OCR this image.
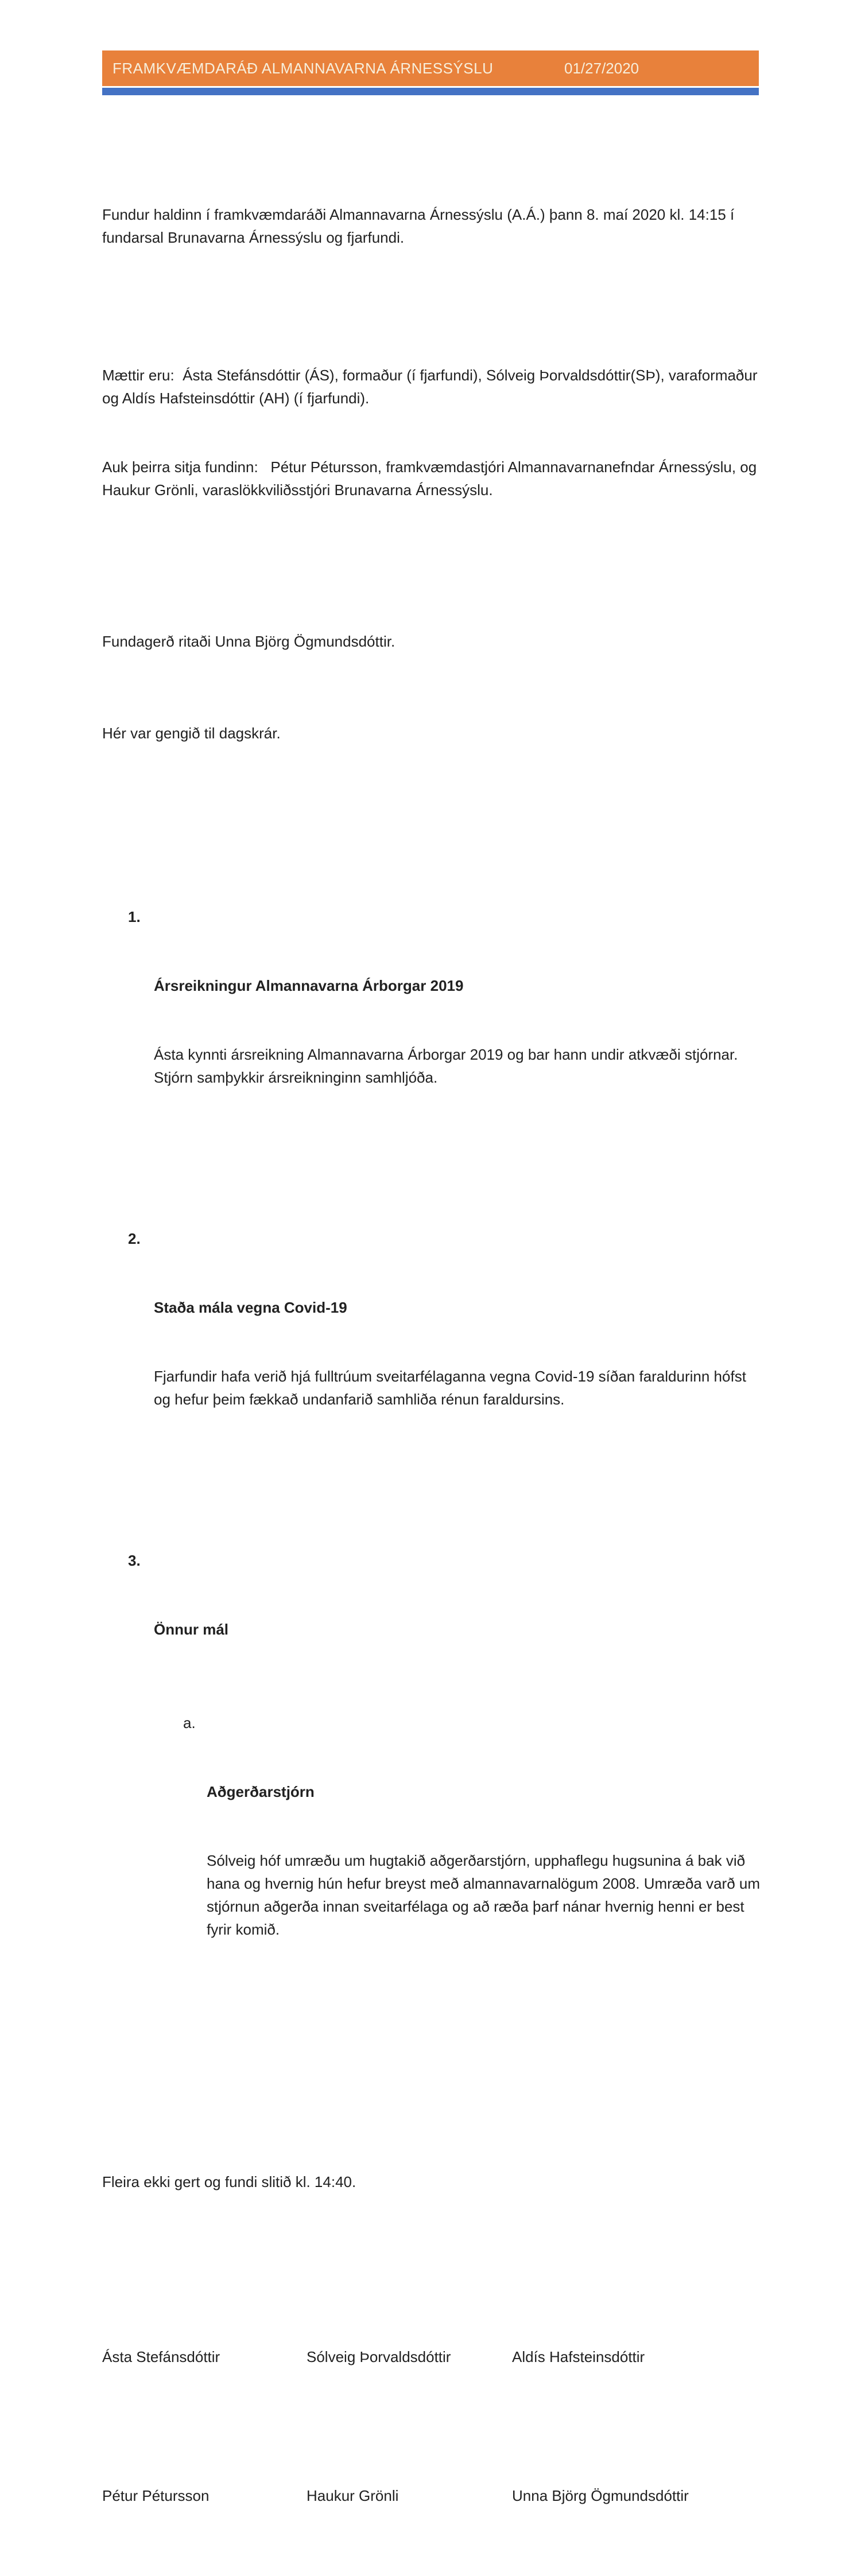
FRAMKVÆMDARÁÐ ALMANNAVARNA ÁRNESSÝSLU	01/27/2020

Fundur haldinn í framkvæmdaráði Almannavarna Árnessýslu (A.Á.) þann 8. maí 2020 kl. 14:15 í fundarsal Brunavarna Árnessýslu og fjarfundi.

Mættir eru:  Ásta Stefánsdóttir (ÁS), formaður (í fjarfundi), Sólveig Þorvaldsdóttir(SÞ), varaformaður og Aldís Hafsteinsdóttir (AH) (í fjarfundi).

Auk þeirra sitja fundinn:   Pétur Pétursson, framkvæmdastjóri Almannavarnanefndar Árnessýslu, og Haukur Grönli, varaslökkviliðsstjóri Brunavarna Árnessýslu.

Fundagerð ritaði Unna Björg Ögmundsdóttir.

Hér var gengið til dagskrár.

1.

Ársreikningur Almannavarna Árborgar 2019

Ásta kynnti ársreikning Almannavarna Árborgar 2019 og bar hann undir atkvæði stjórnar. Stjórn samþykkir ársreikninginn samhljóða.

2.

Staða mála vegna Covid-19

Fjarfundir hafa verið hjá fulltrúum sveitarfélaganna vegna Covid-19 síðan faraldurinn hófst og hefur þeim fækkað undanfarið samhliða rénun faraldursins.

3.

Önnur mál

a.

Aðgerðarstjórn

Sólveig hóf umræðu um hugtakið aðgerðarstjórn, upphaflegu hugsunina á bak við hana og hvernig hún hefur breyst með almannavarnalögum 2008. Umræða varð um stjórnun aðgerða innan sveitarfélaga og að ræða þarf nánar hvernig henni er best fyrir komið.

Fleira ekki gert og fundi slitið kl. 14:40.

Ásta Stefánsdóttir	Sólveig Þorvaldsdóttir	Aldís Hafsteinsdóttir

Pétur Pétursson	Haukur Grönli	Unna Björg Ögmundsdóttir
